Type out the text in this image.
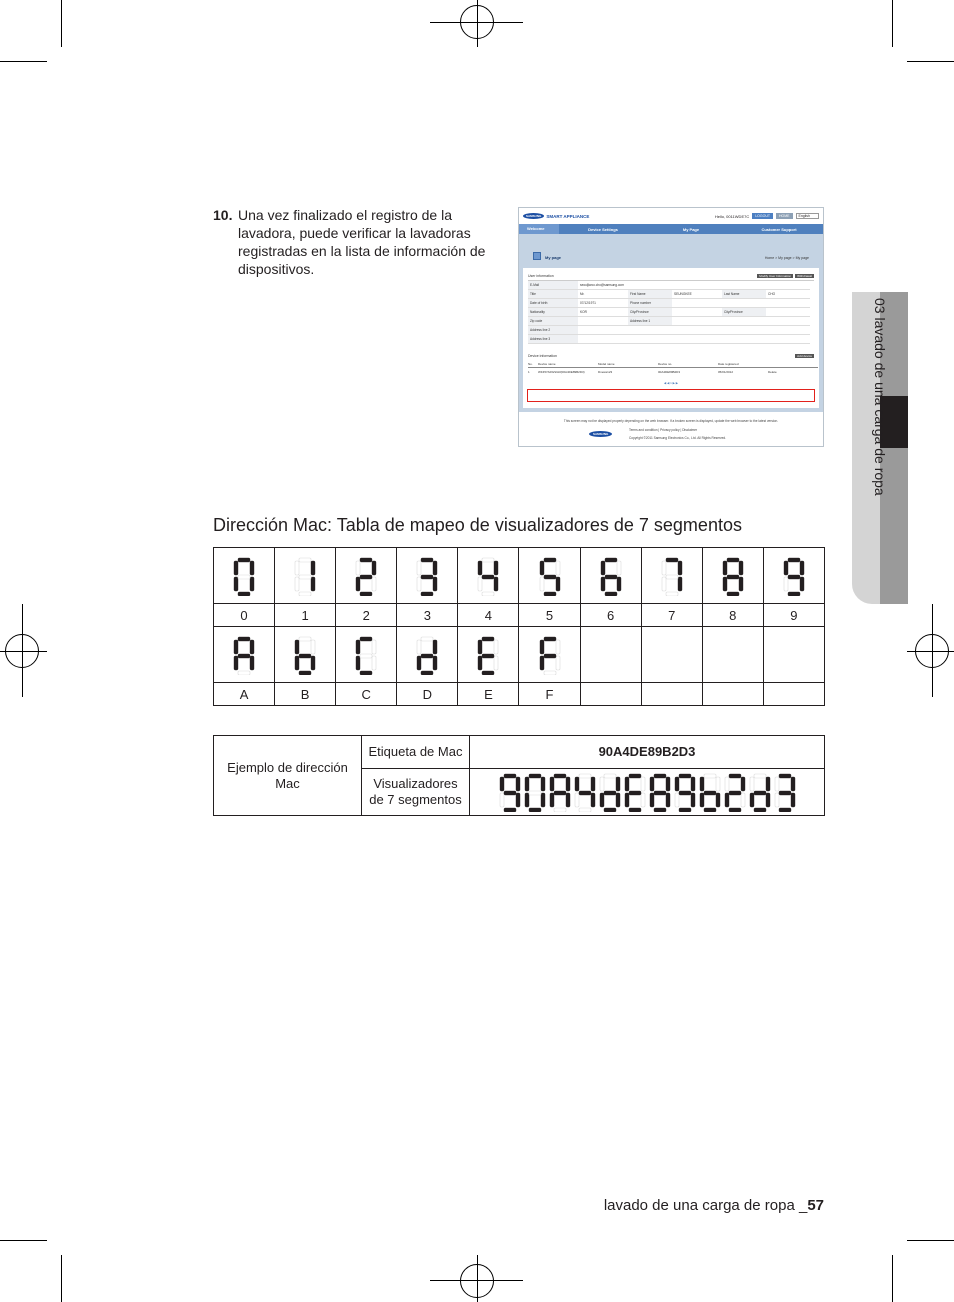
10. Una vez finalizado el registro de la lavadora, puede verificar la lavadoras registradas en la lista de información de dispositivos.
SAMSUNG	SMART APPLIANCE	Hello, 0011WDE7C	LOGOUT	HOME	English
Welcome	Device Settings	My Page	Customer Support
My page	Home > My page > My page
User information	Modify User Information	Withdrawal
E-Mail	seouljiwoo.cho@samsung.com
Title	Mr.	First Name	SEUNGKEE	Last Name	CHO
Date of birth	07/12/1971	Phone number
Nationality	KOR	City/Province	City/Province
Zip code	Address line 1
Address line 2
Address line 3
Device information	Add device
No.	Device name	Model name	Device no.	Date registered
1	WF457ARGSGR(00A4DE89B2D3)	Dnews123	00A4DE89B2D3	05/01/2012	Delete
◀ ◀ 1 ▶ ▶
This screen may not be displayed properly depending on the web browser. If a broken screen is displayed, update the web browser to the latest version.
SAMSUNG
Terms and condition | Privacy policy | Disclaimer
Copyright ©2011 Samsung Electronics Co., Ltd. All Rights Reserved.	03 lavado de una carga de ropa
Dirección Mac: Tabla de mapeo de visualizadores de 7 segmentos

0	1	2	3	4	5	6	7	8	9

A	B	C	D	E	F				
Ejemplo de dirección Mac	Etiqueta de Mac	90A4DE89B2D3
	Visualizadores de 7 segmentos	
lavado de una carga de ropa _57
